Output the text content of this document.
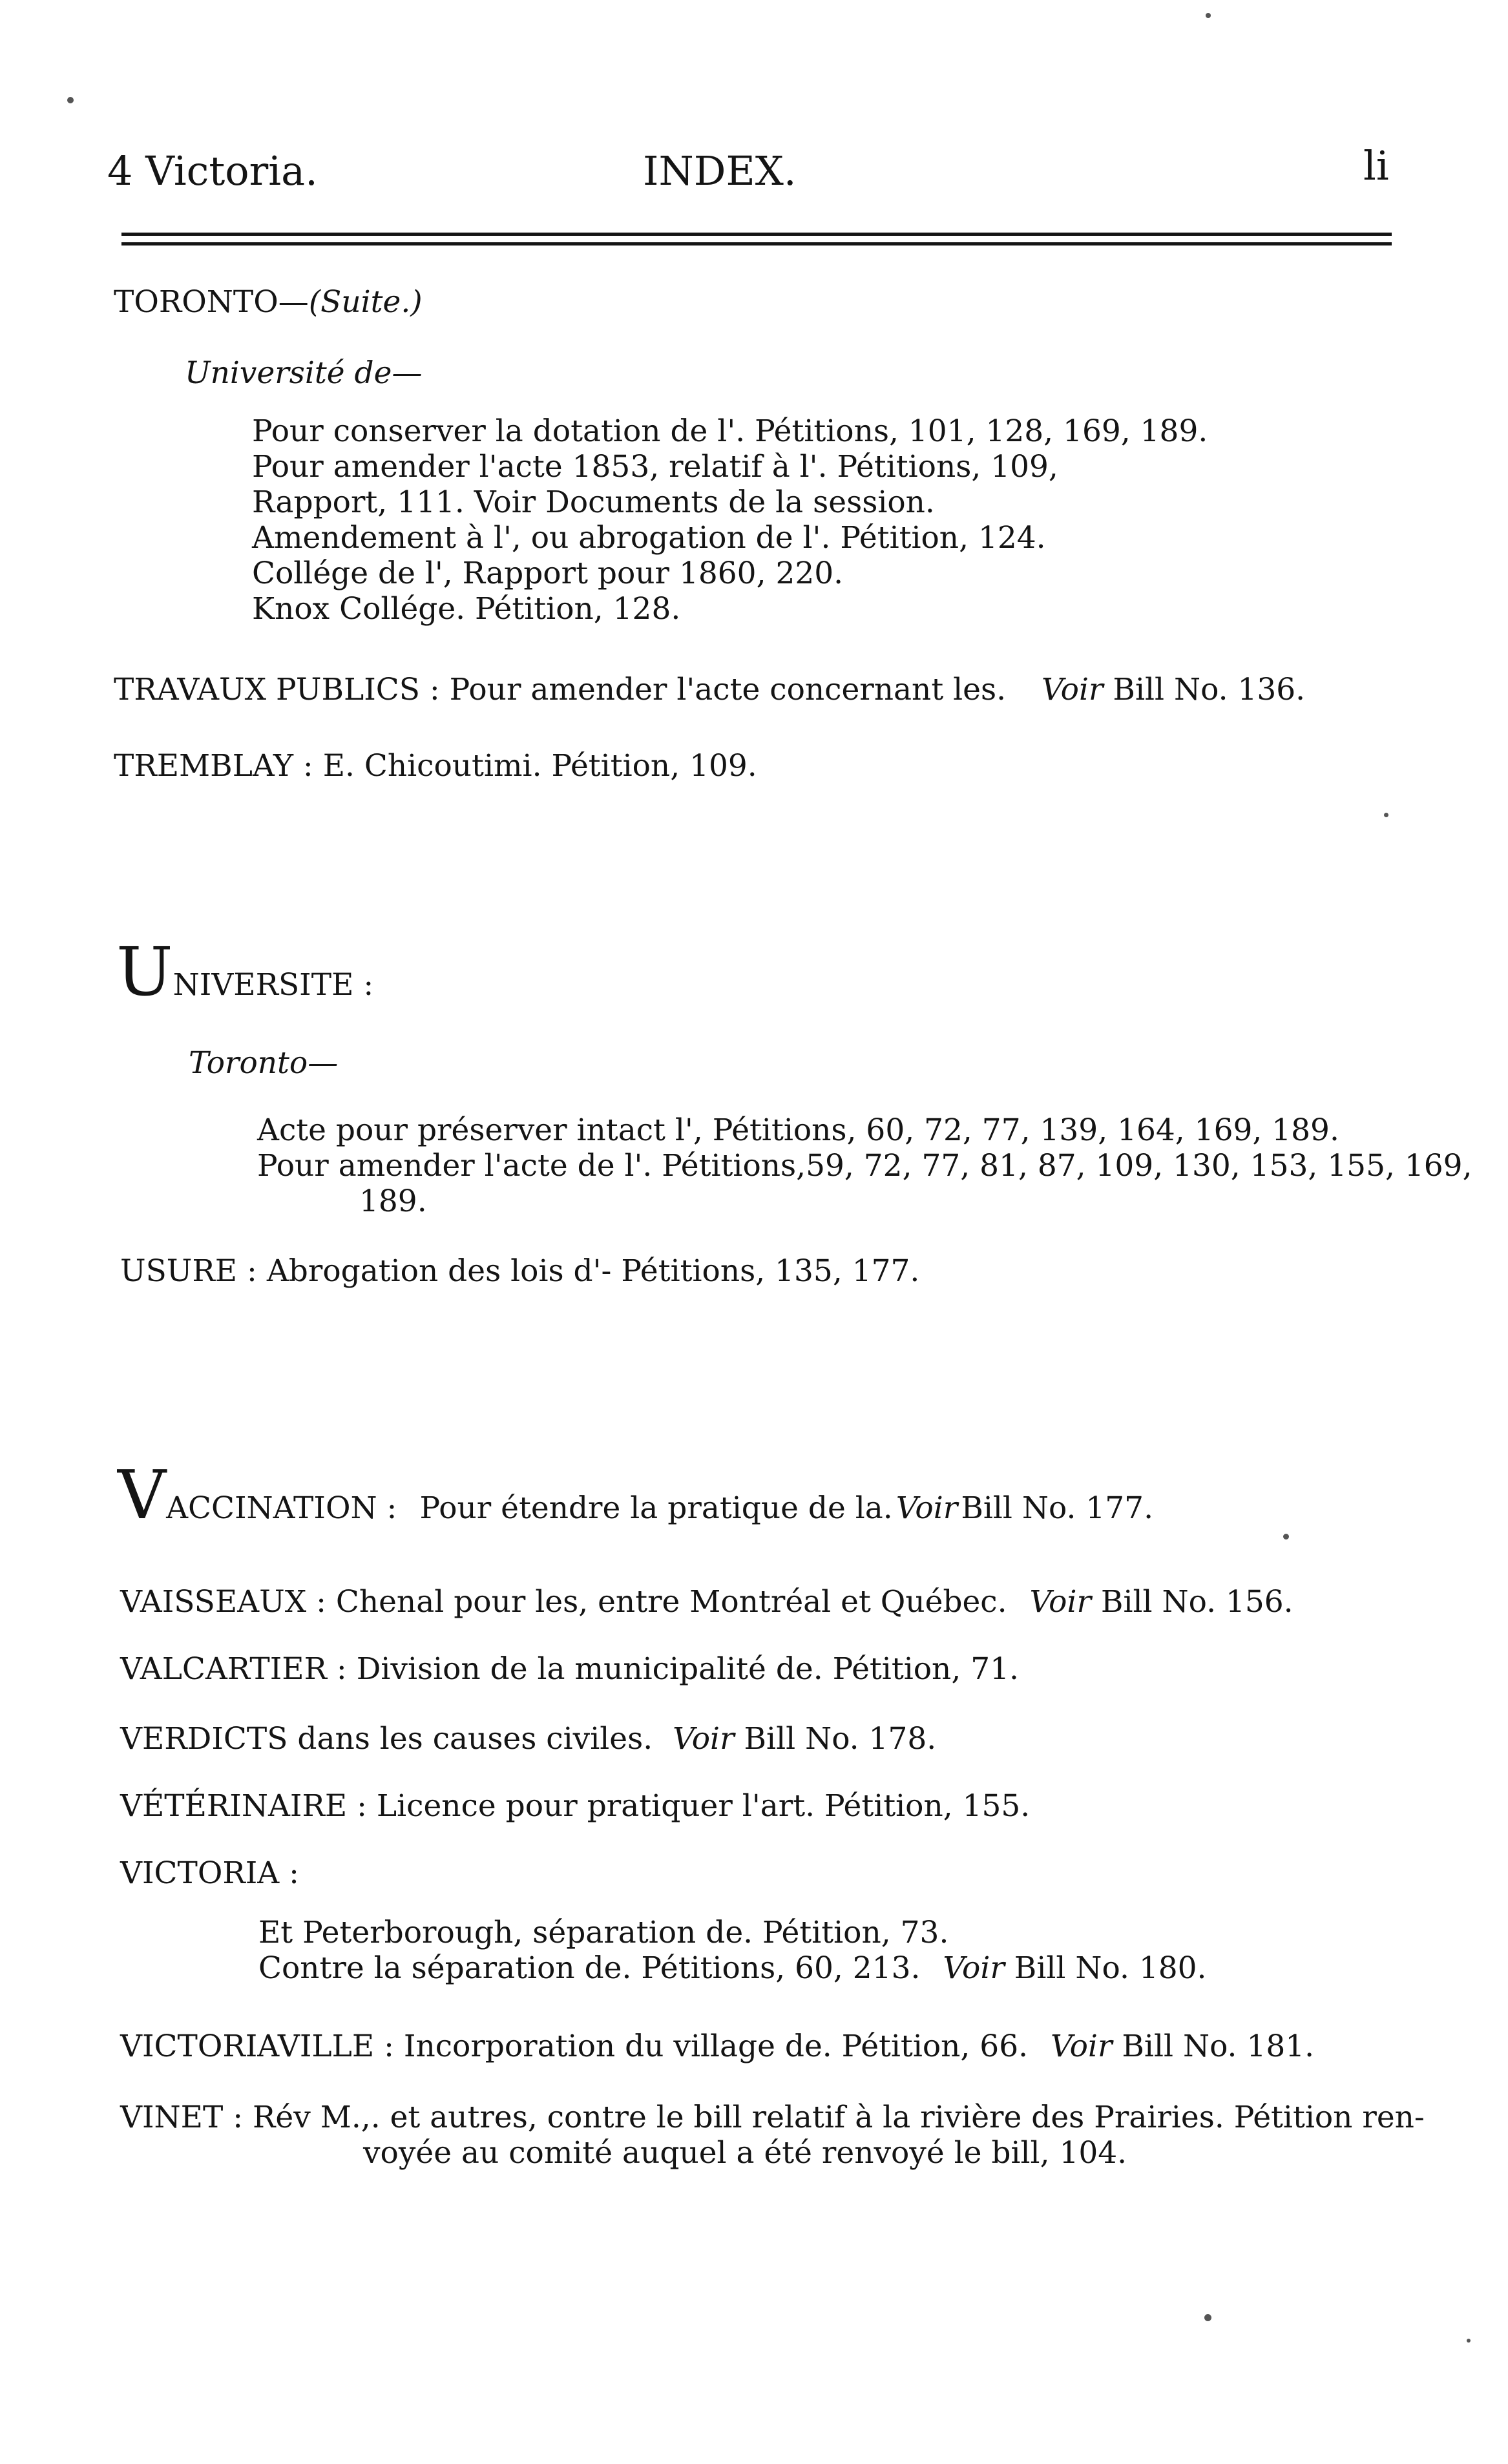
4 Victoria.	INDEX.	li
TORONTO—(Suite.)
Université de—
Pour conserver la dotation de l'. Pétitions, 101, 128, 169, 189.
Pour amender l'acte 1853, relatif à l'. Pétitions, 109,
Rapport, 111. Voir Documents de la session.
Amendement à l', ou abrogation de l'. Pétition, 124.
Collége de l', Rapport pour 1860, 220.
Knox Collége. Pétition, 128.
TRAVAUX PUBLICS : Pour amender l'acte concernant les. Voir Bill No. 136.
TREMBLAY : E. Chicoutimi. Pétition, 109.
UNIVERSITE :
Toronto—
Acte pour préserver intact l', Pétitions, 60, 72, 77, 139, 164, 169, 189.
Pour amender l'acte de l'. Pétitions,59, 72, 77, 81, 87, 109, 130, 153, 155, 169,
189.
USURE : Abrogation des lois d'- Pétitions, 135, 177.
VACCINATION : Pour étendre la pratique de la. Voir Bill No. 177.
VAISSEAUX : Chenal pour les, entre Montréal et Québec. Voir Bill No. 156.
VALCARTIER : Division de la municipalité de. Pétition, 71.
VERDICTS dans les causes civiles. Voir Bill No. 178.
VÉTÉRINAIRE : Licence pour pratiquer l'art. Pétition, 155.
VICTORIA :
Et Peterborough, séparation de. Pétition, 73.
Contre la séparation de. Pétitions, 60, 213. Voir Bill No. 180.
VICTORIAVILLE : Incorporation du village de. Pétition, 66. Voir Bill No. 181.
VINET : Rév M.,. et autres, contre le bill relatif à la rivière des Prairies. Pétition ren-
voyée au comité auquel a été renvoyé le bill, 104.
